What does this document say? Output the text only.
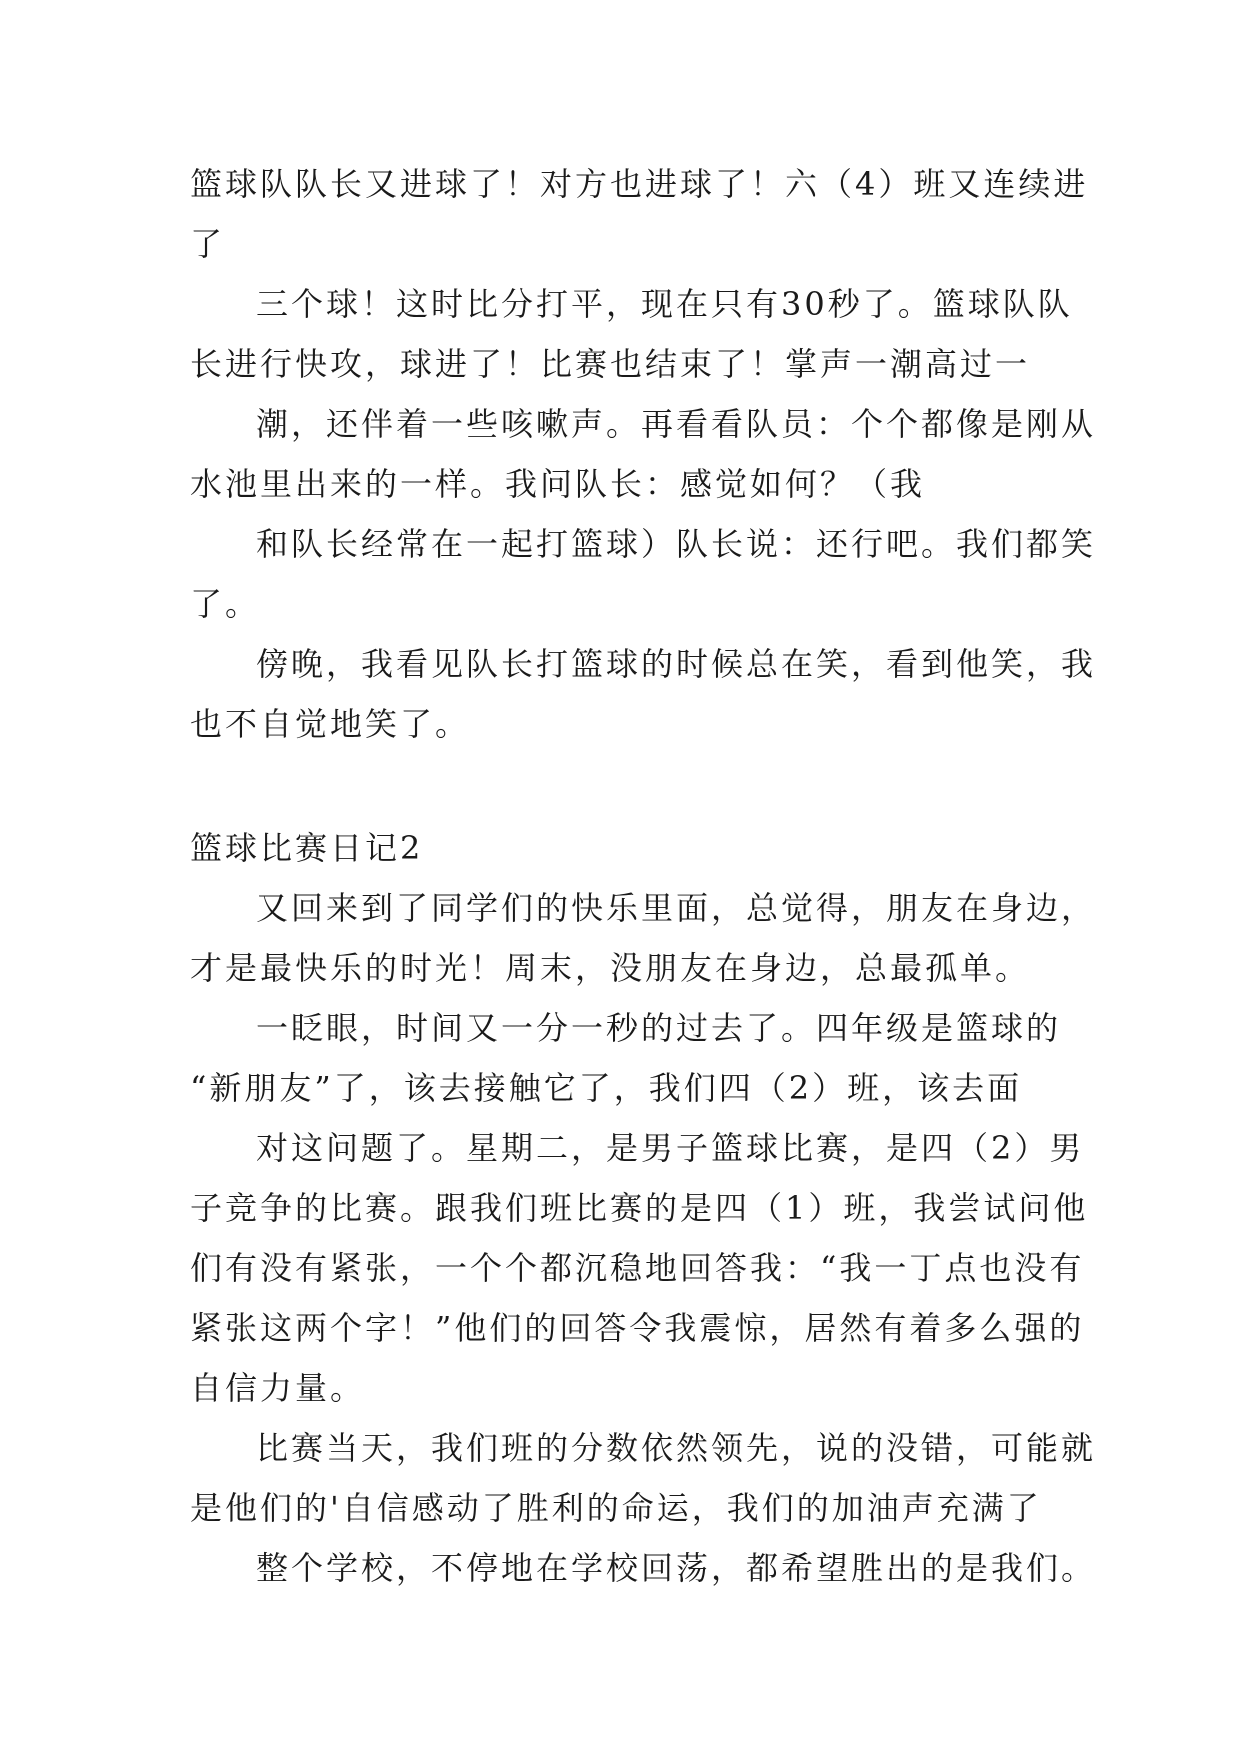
篮球队队长又进球了！对方也进球了！六（4）班又连续进
了
三个球！这时比分打平，现在只有30秒了。篮球队队
长进行快攻，球进了！比赛也结束了！掌声一潮高过一
潮，还伴着一些咳嗽声。再看看队员：个个都像是刚从
水池里出来的一样。我问队长：感觉如何？（我
和队长经常在一起打篮球）队长说：还行吧。我们都笑
了。
傍晚，我看见队长打篮球的时候总在笑，看到他笑，我
也不自觉地笑了。
篮球比赛日记2
又回来到了同学们的快乐里面，总觉得，朋友在身边，
才是最快乐的时光！周末，没朋友在身边，总最孤单。
一眨眼，时间又一分一秒的过去了。四年级是篮球的
“新朋友”了，该去接触它了，我们四（2）班，该去面
对这问题了。星期二，是男子篮球比赛，是四（2）男
子竞争的比赛。跟我们班比赛的是四（1）班，我尝试问他
们有没有紧张，一个个都沉稳地回答我：“我一丁点也没有
紧张这两个字！”他们的回答令我震惊，居然有着多么强的
自信力量。
比赛当天，我们班的分数依然领先，说的没错，可能就
是他们的'自信感动了胜利的命运，我们的加油声充满了
整个学校，不停地在学校回荡，都希望胜出的是我们。
